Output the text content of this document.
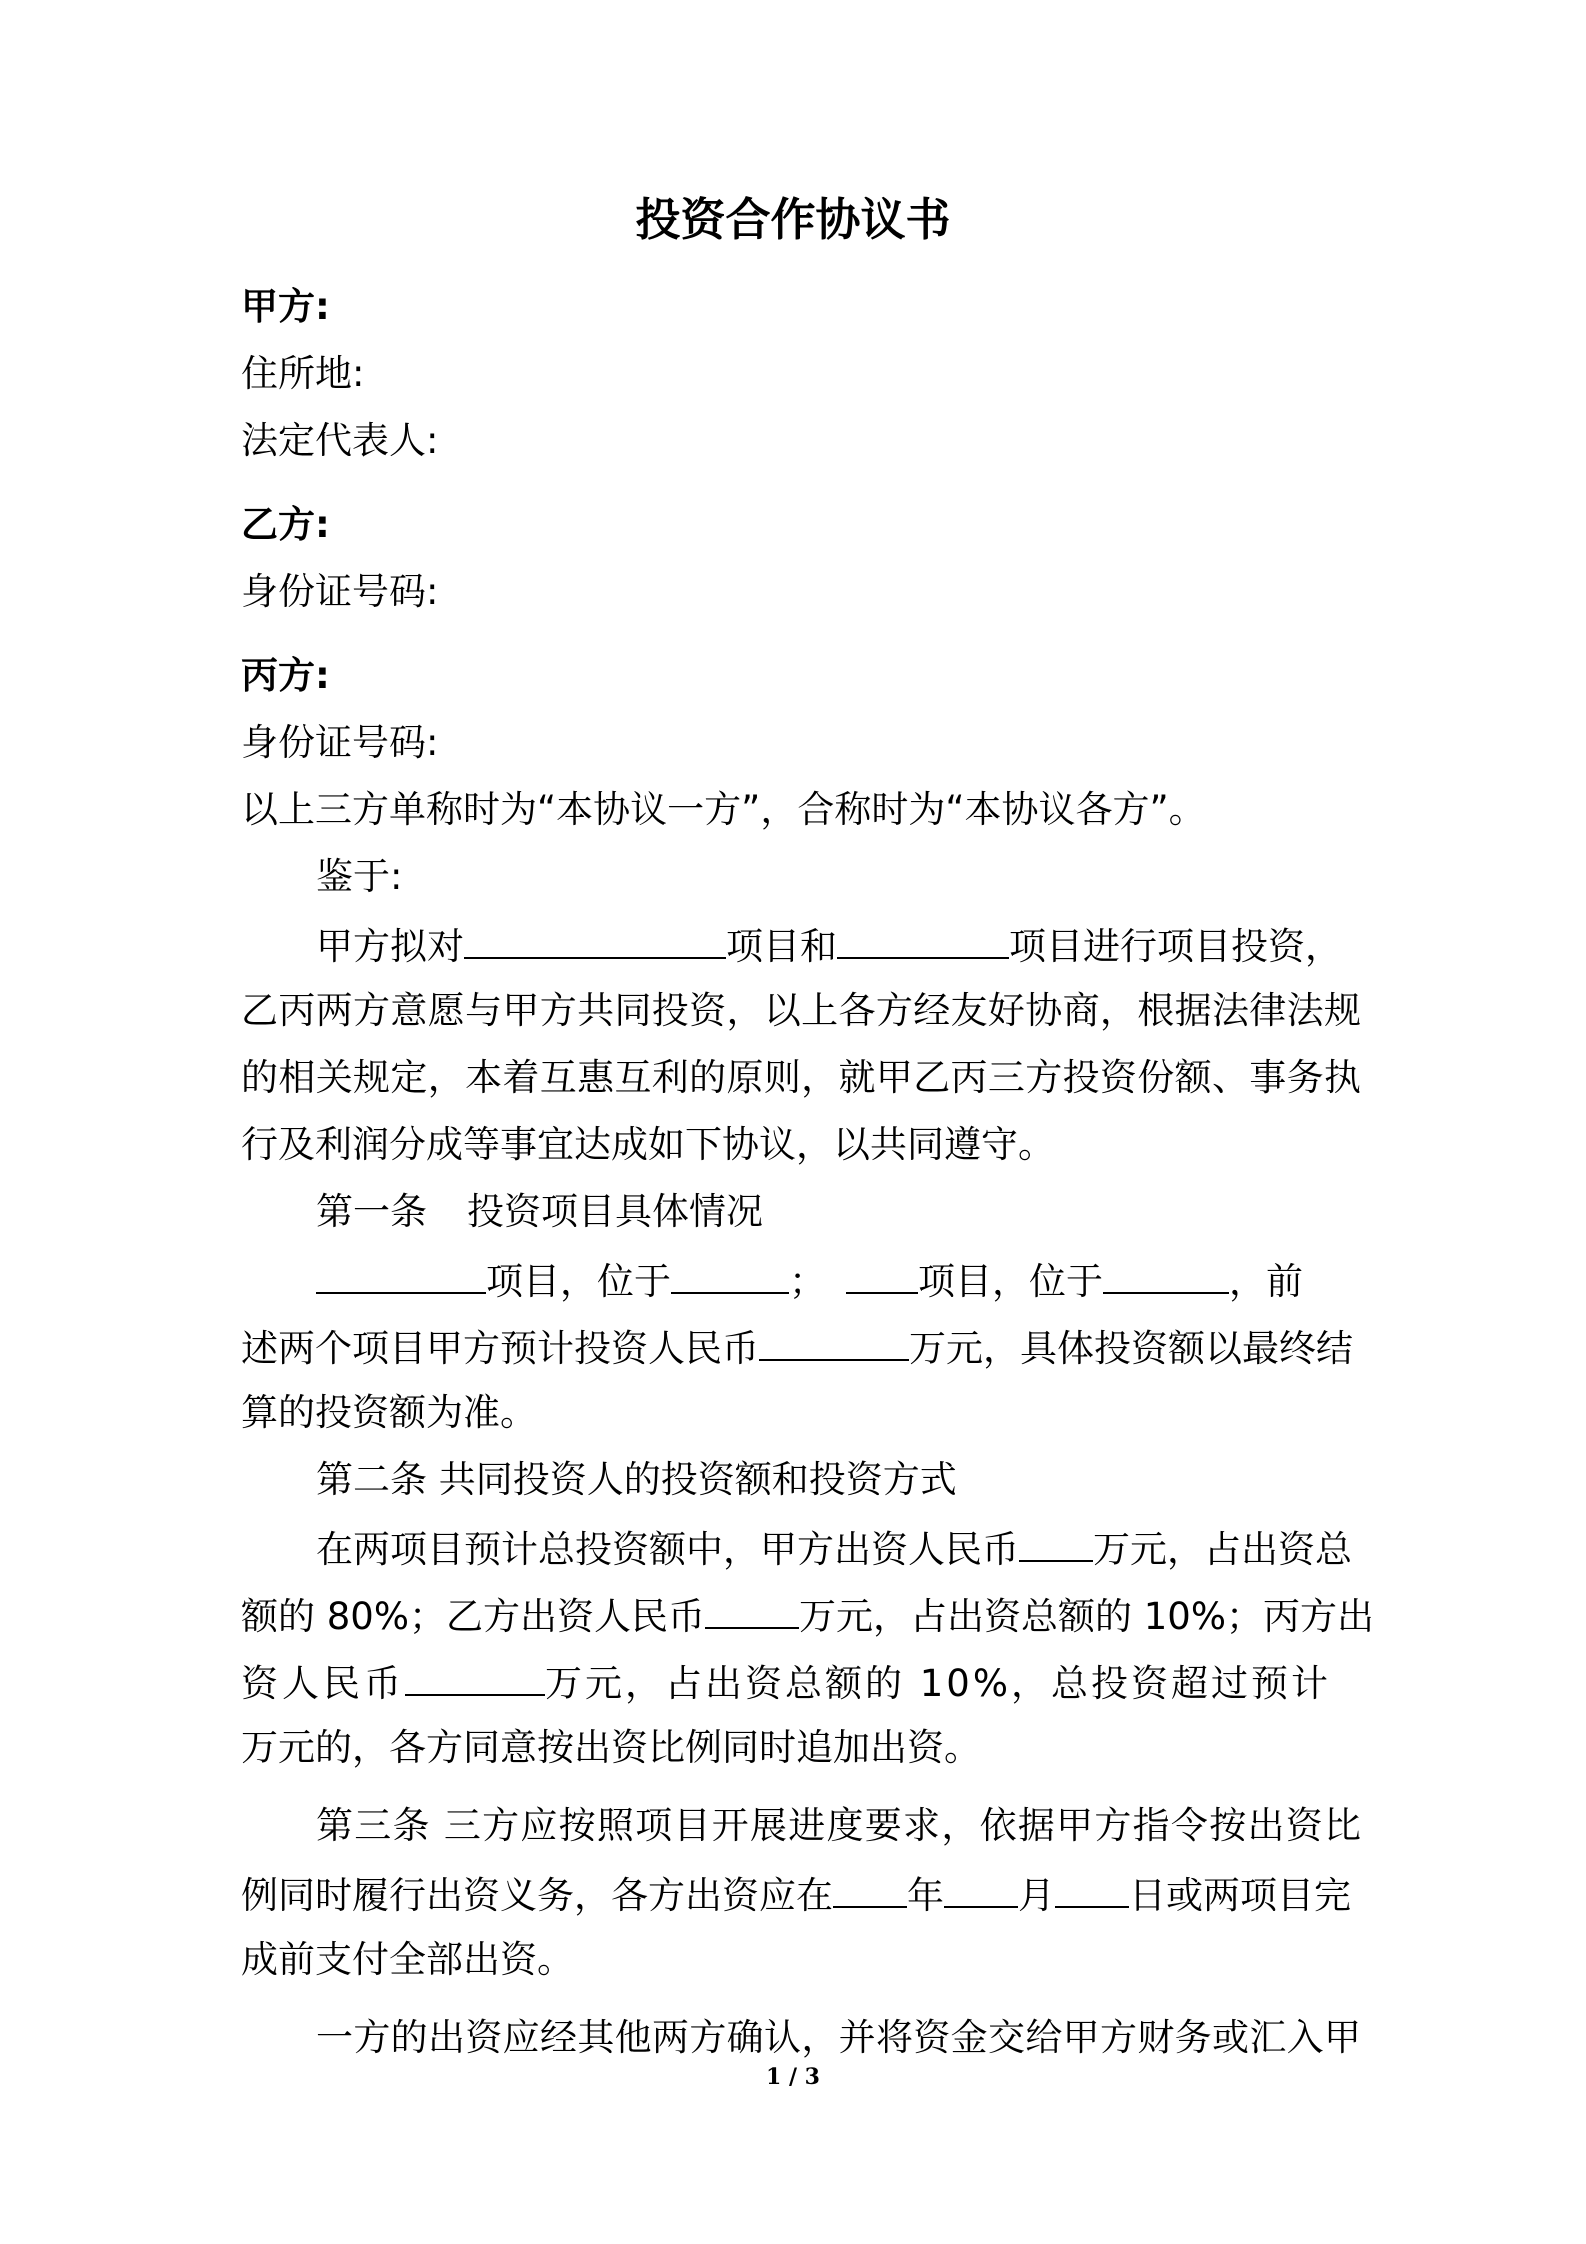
投资合作协议书
甲方:
住所地:
法定代表人:
乙方:
身份证号码:
丙方:
身份证号码:
以上三方单称时为“本协议一方”，合称时为“本协议各方”。
鉴于:
甲方拟对	项目和	项目进行项目投资，
乙丙两方意愿与甲方共同投资，以上各方经友好协商，根据法律法规
的相关规定，本着互惠互利的原则，就甲乙丙三方投资份额、事务执
行及利润分成等事宜达成如下协议，以共同遵守。
第一条 投资项目具体情况
项目，位于	； 项目，位于	，前
述两个项目甲方预计投资人民币	万元，具体投资额以最终结
算的投资额为准。
第二条 共同投资人的投资额和投资方式
在两项目预计总投资额中，甲方出资人民币 万元，占出资总
额的 80%；乙方出资人民币	万元，占出资总额的 10%；丙方出
资人民币	万元，占出资总额的 10%，总投资超过预计
万元的，各方同意按出资比例同时追加出资。
第三条 三方应按照项目开展进度要求，依据甲方指令按出资比
例同时履行出资义务，各方出资应在 年 月 日或两项目完
成前支付全部出资。
一方的出资应经其他两方确认，并将资金交给甲方财务或汇入甲
1 / 3
